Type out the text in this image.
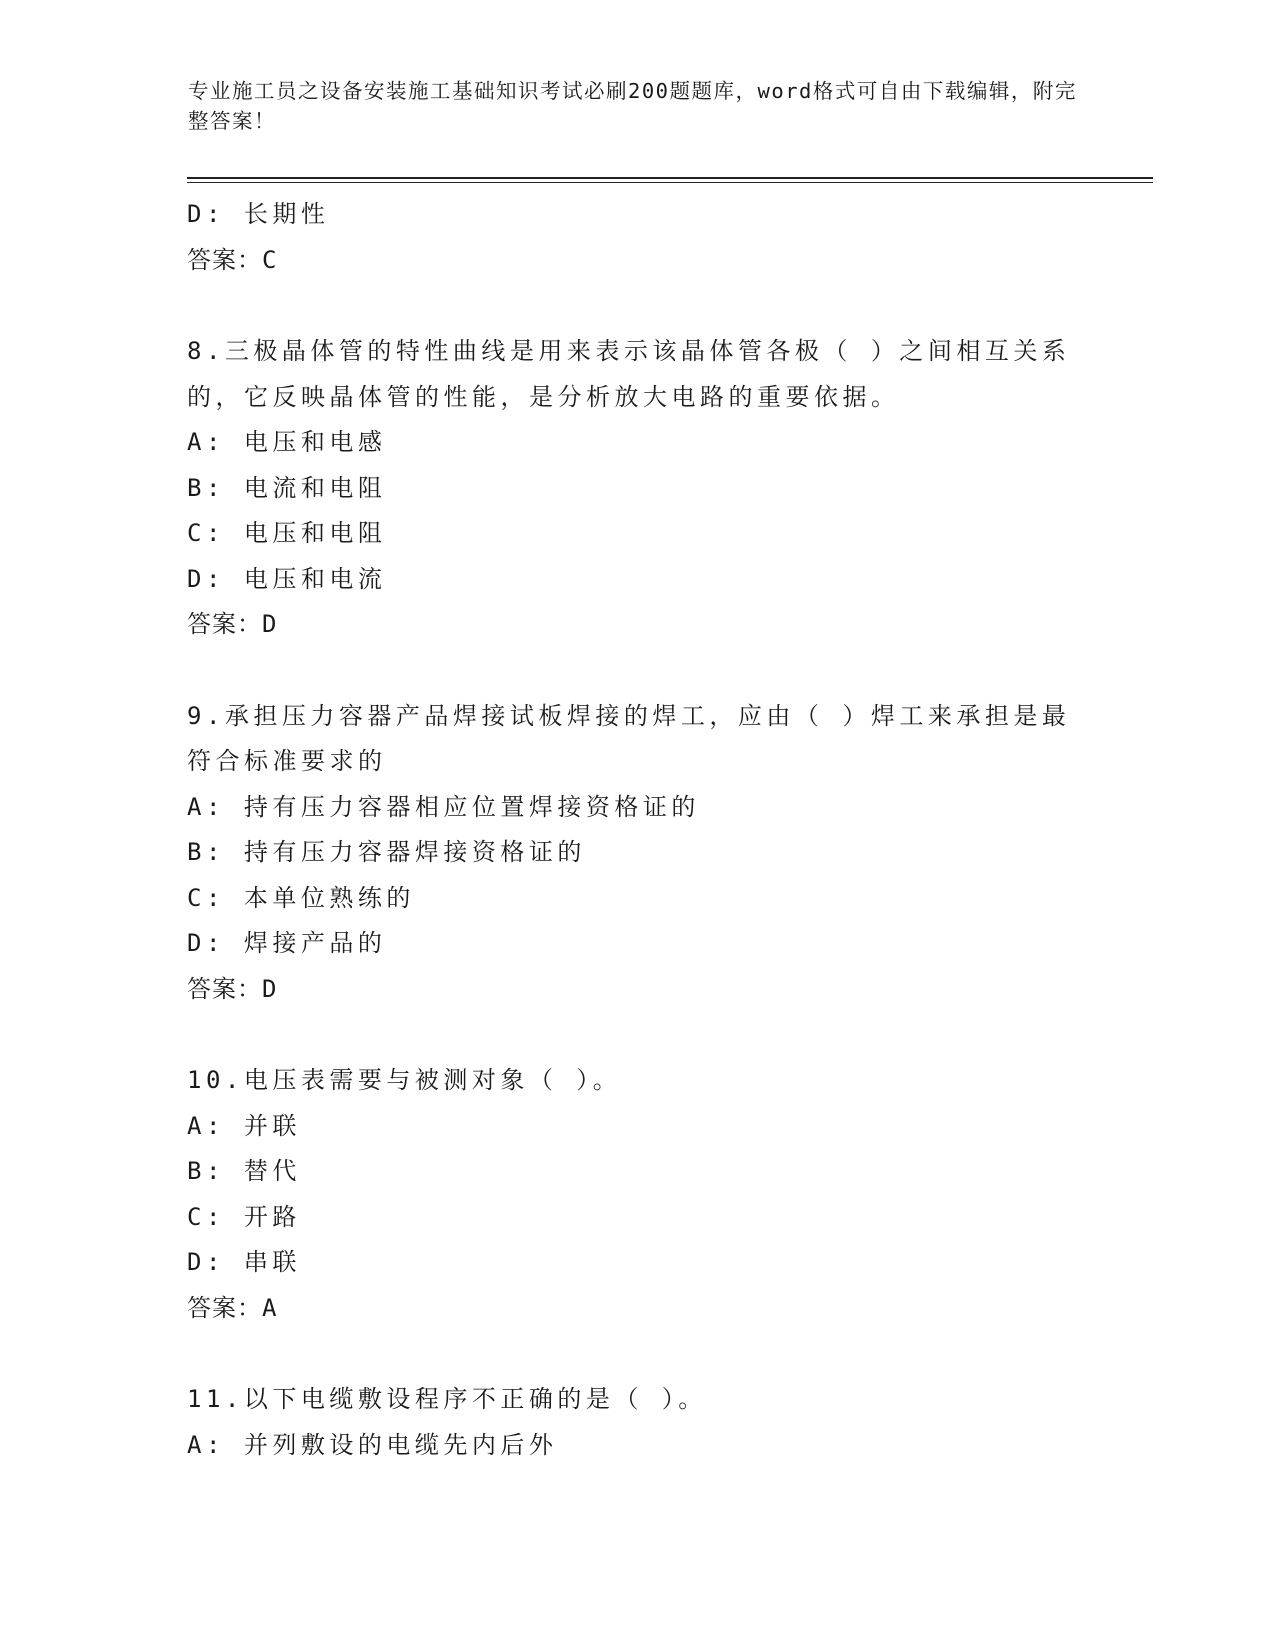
专业施工员之设备安装施工基础知识考试必刷200题题库，word格式可自由下载编辑，附完整答案！
D: 长期性
答案：C
8.三极晶体管的特性曲线是用来表示该晶体管各极（ ）之间相互关系
的，它反映晶体管的性能，是分析放大电路的重要依据。
A: 电压和电感
B: 电流和电阻
C: 电压和电阻
D: 电压和电流
答案：D
9.承担压力容器产品焊接试板焊接的焊工，应由（ ）焊工来承担是最
符合标准要求的
A: 持有压力容器相应位置焊接资格证的
B: 持有压力容器焊接资格证的
C: 本单位熟练的
D: 焊接产品的
答案：D
10.电压表需要与被测对象（ ）。
A: 并联
B: 替代
C: 开路
D: 串联
答案：A
11.以下电缆敷设程序不正确的是（ ）。
A: 并列敷设的电缆先内后外
